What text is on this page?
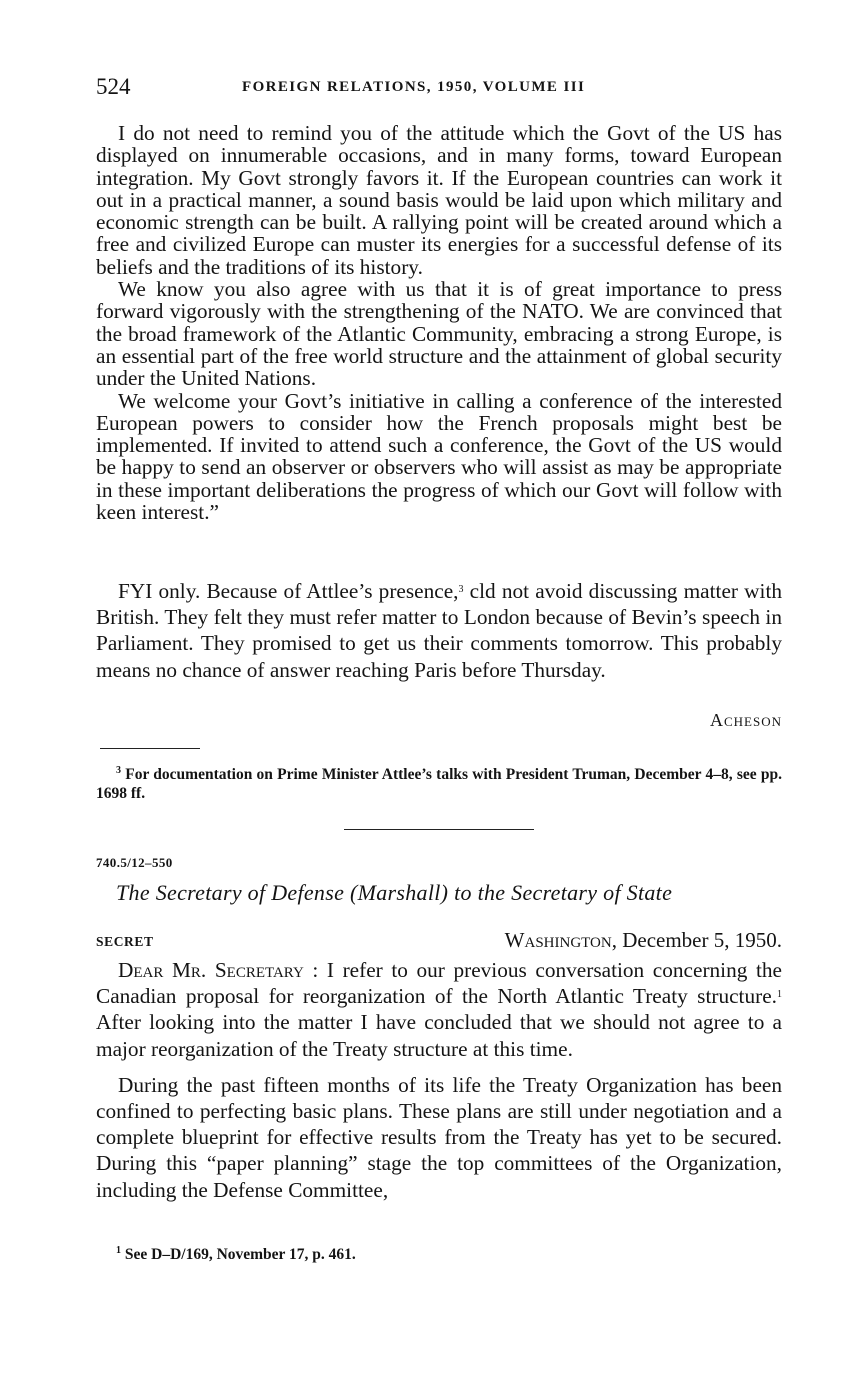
524	FOREIGN RELATIONS, 1950, VOLUME III

I do not need to remind you of the attitude which the Govt of the US has displayed on innumerable occasions, and in many forms, toward European integration. My Govt strongly favors it. If the European countries can work it out in a practical manner, a sound basis would be laid upon which military and economic strength can be built. A rallying point will be created around which a free and civilized Europe can muster its energies for a successful defense of its beliefs and the traditions of its history.

We know you also agree with us that it is of great importance to press forward vigorously with the strengthening of the NATO. We are convinced that the broad framework of the Atlantic Community, embracing a strong Europe, is an essential part of the free world structure and the attainment of global security under the United Nations.

We welcome your Govt’s initiative in calling a conference of the interested European powers to consider how the French proposals might best be implemented. If invited to attend such a conference, the Govt of the US would be happy to send an observer or observers who will assist as may be appropriate in these important deliberations the progress of which our Govt will follow with keen interest.”

FYI only. Because of Attlee’s presence,$^3$ cld not avoid discussing matter with British. They felt they must refer matter to London because of Bevin’s speech in Parliament. They promised to get us their comments tomorrow. This probably means no chance of answer reaching Paris before Thursday.

Acheson
$^3$ For documentation on Prime Minister Attlee’s talks with President Truman, December 4–8, see pp. 1698 ff.
740.5/12–550
The Secretary of Defense (Marshall) to the Secretary of State
SECRET	Washington, December 5, 1950.

Dear Mr. Secretary : I refer to our previous conversation concerning the Canadian proposal for reorganization of the North Atlantic Treaty structure.$^1$ After looking into the matter I have concluded that we should not agree to a major reorganization of the Treaty structure at this time.

During the past fifteen months of its life the Treaty Organization has been confined to perfecting basic plans. These plans are still under negotiation and a complete blueprint for effective results from the Treaty has yet to be secured. During this “paper planning” stage the top committees of the Organization, including the Defense Committee,

$^1$ See D–D/169, November 17, p. 461.
